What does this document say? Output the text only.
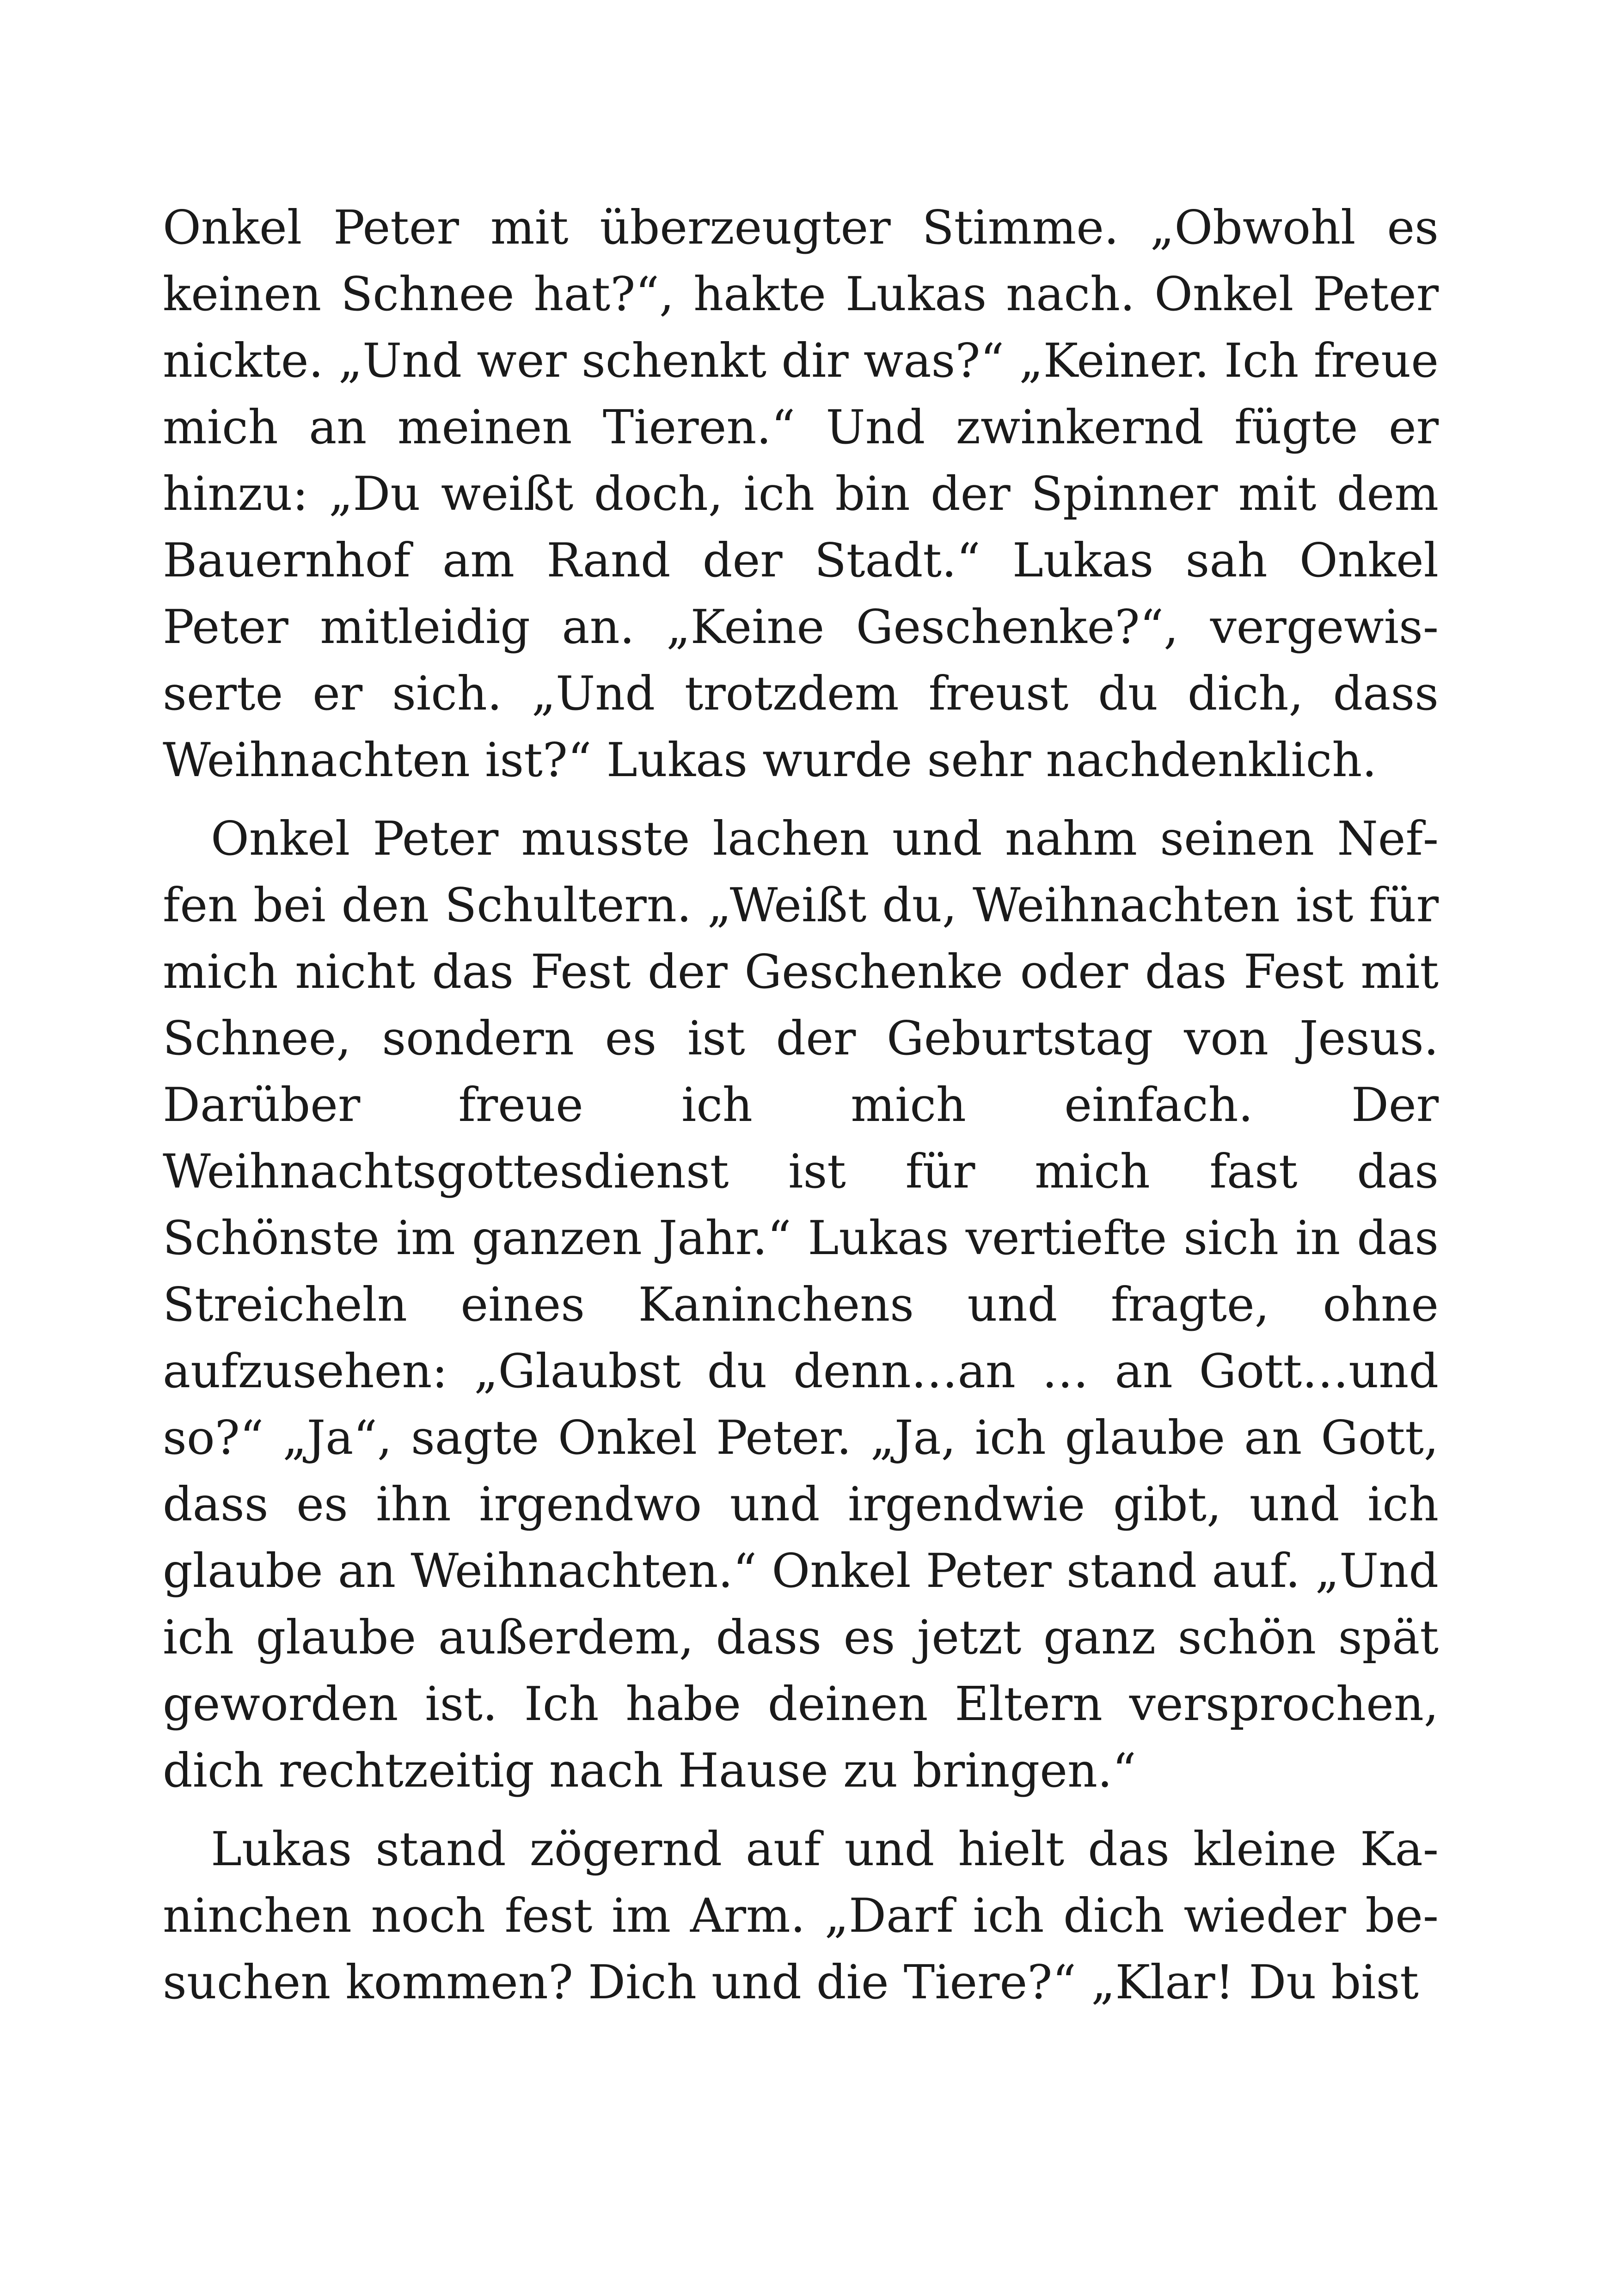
Onkel Peter mit überzeugter Stimme. „Obwohl es keinen Schnee hat?“, hakte Lukas nach. Onkel Peter nickte. „Und wer schenkt dir was?“ „Keiner. Ich freue mich an meinen Tieren.“ Und zwinkernd fügte er hinzu: „Du weißt doch, ich bin der Spinner mit dem Bauernhof am Rand der Stadt.“ Lukas sah Onkel Peter mitleidig an. „Keine Geschenke?“, vergewisserte er sich. „Und trotzdem freust du dich, dass Weihnachten ist?“ Lukas wurde sehr nachdenklich.

Onkel Peter musste lachen und nahm seinen Neffen bei den Schultern. „Weißt du, Weihnachten ist für mich nicht das Fest der Geschenke oder das Fest mit Schnee, sondern es ist der Geburtstag von Jesus. Darüber freue ich mich einfach. Der Weihnachtsgottesdienst ist für mich fast das Schönste im ganzen Jahr.“ Lukas vertiefte sich in das Streicheln eines Kaninchens und fragte, ohne aufzusehen: „Glaubst du denn…an … an Gott…und so?“ „Ja“, sagte Onkel Peter. „Ja, ich glaube an Gott, dass es ihn irgendwo und irgendwie gibt, und ich glaube an Weihnachten.“ Onkel Peter stand auf. „Und ich glaube außerdem, dass es jetzt ganz schön spät geworden ist. Ich habe deinen Eltern versprochen, dich rechtzeitig nach Hause zu bringen.“

Lukas stand zögernd auf und hielt das kleine Kaninchen noch fest im Arm. „Darf ich dich wieder besuchen kommen? Dich und die Tiere?“ „Klar! Du bist
